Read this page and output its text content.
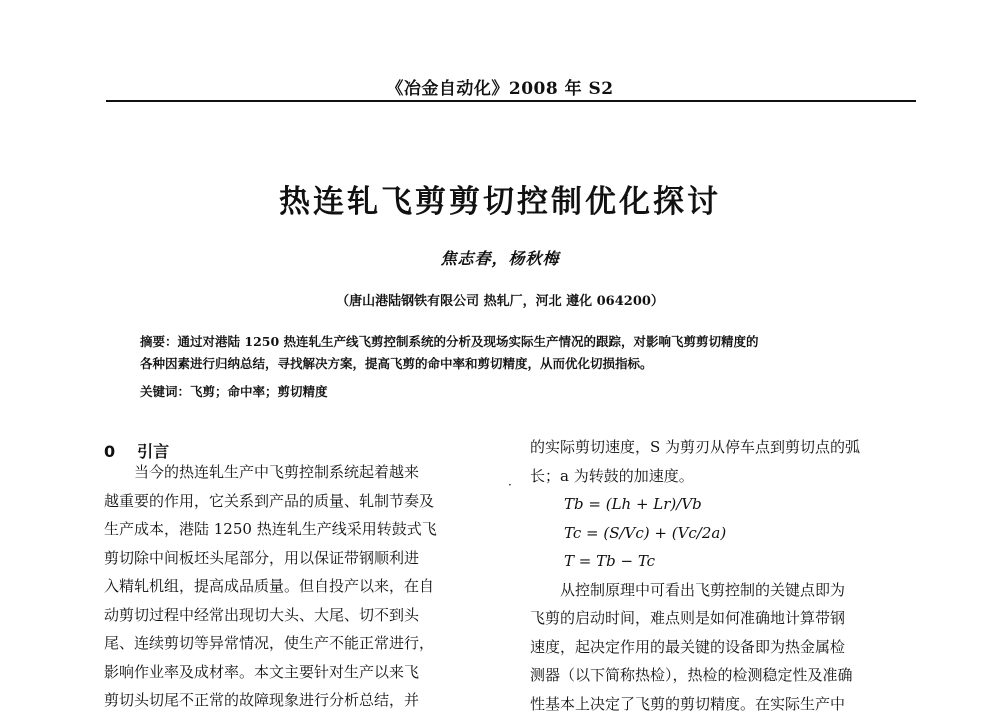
《冶金自动化》2008 年 S2
热连轧飞剪剪切控制优化探讨
焦志春，杨秋梅
（唐山港陆钢铁有限公司 热轧厂，河北 遵化 064200）
摘要：通过对港陆 1250 热连轧生产线飞剪控制系统的分析及现场实际生产情况的跟踪，对影响飞剪剪切精度的
各种因素进行归纳总结，寻找解决方案，提高飞剪的命中率和剪切精度，从而优化切损指标。
关键词：飞剪；命中率；剪切精度
0 引言

当今的热连轧生产中飞剪控制系统起着越来

越重要的作用，它关系到产品的质量、轧制节奏及

生产成本，港陆 1250 热连轧生产线采用转鼓式飞

剪切除中间板坯头尾部分，用以保证带钢顺利进

入精轧机组，提高成品质量。但自投产以来，在自

动剪切过程中经常出现切大头、大尾、切不到头

尾、连续剪切等异常情况，使生产不能正常进行，

影响作业率及成材率。本文主要针对生产以来飞

剪切头切尾不正常的故障现象进行分析总结，并

·

的实际剪切速度，S 为剪刃从停车点到剪切点的弧

长；a 为转鼓的加速度。

Tb = (Lh + Lr)/Vb

Tc = (S/Vc) + (Vc/2a)

T = Tb − Tc

从控制原理中可看出飞剪控制的关键点即为

飞剪的启动时间，难点则是如何准确地计算带钢

速度，起决定作用的最关键的设备即为热金属检

测器（以下简称热检），热检的检测稳定性及准确

性基本上决定了飞剪的剪切精度。在实际生产中
